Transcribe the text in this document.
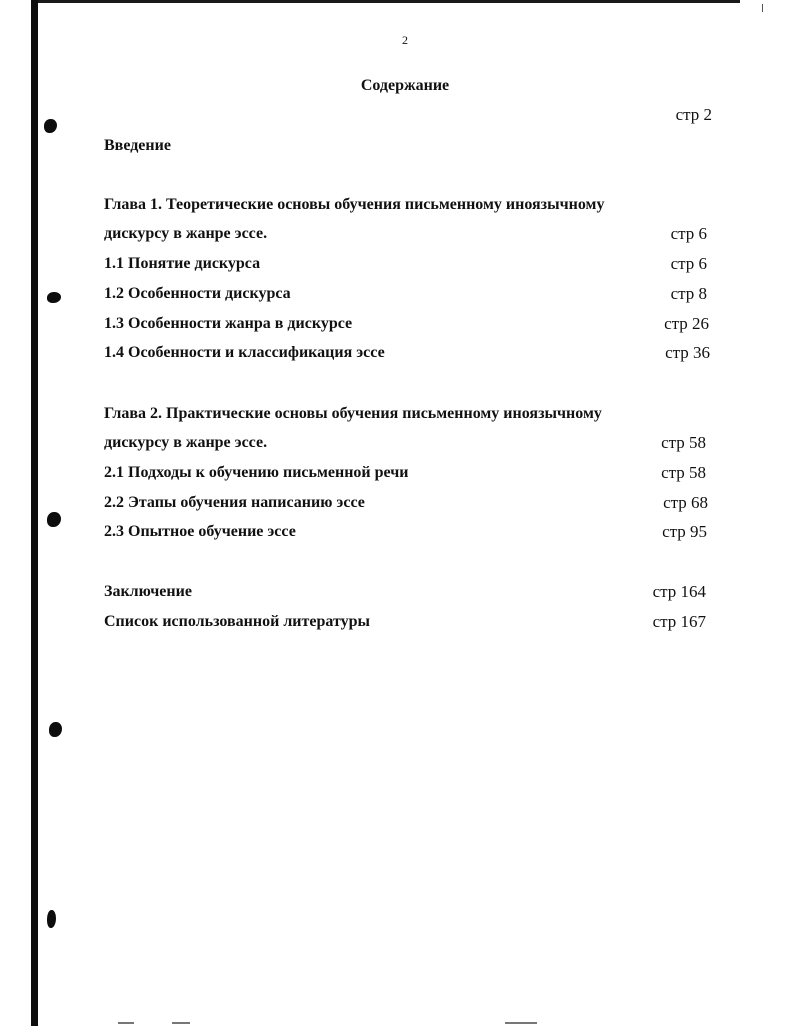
2
Содержание
стр 2
Введение
Глава 1. Теоретические основы обучения письменному иноязычному
дискурсу в жанре эссе.	стр 6
1.1 Понятие дискурса	стр 6
1.2 Особенности дискурса	стр 8
1.3 Особенности жанра в дискурсе	стр 26
1.4 Особенности и классификация эссе	стр 36
Глава 2. Практические основы обучения письменному иноязычному
дискурсу в жанре эссе.	стр 58
2.1 Подходы к обучению письменной речи	стр 58
2.2 Этапы обучения написанию эссе	стр 68
2.3 Опытное обучение эссе	стр 95
Заключение	стр 164
Список использованной литературы	стр 167
